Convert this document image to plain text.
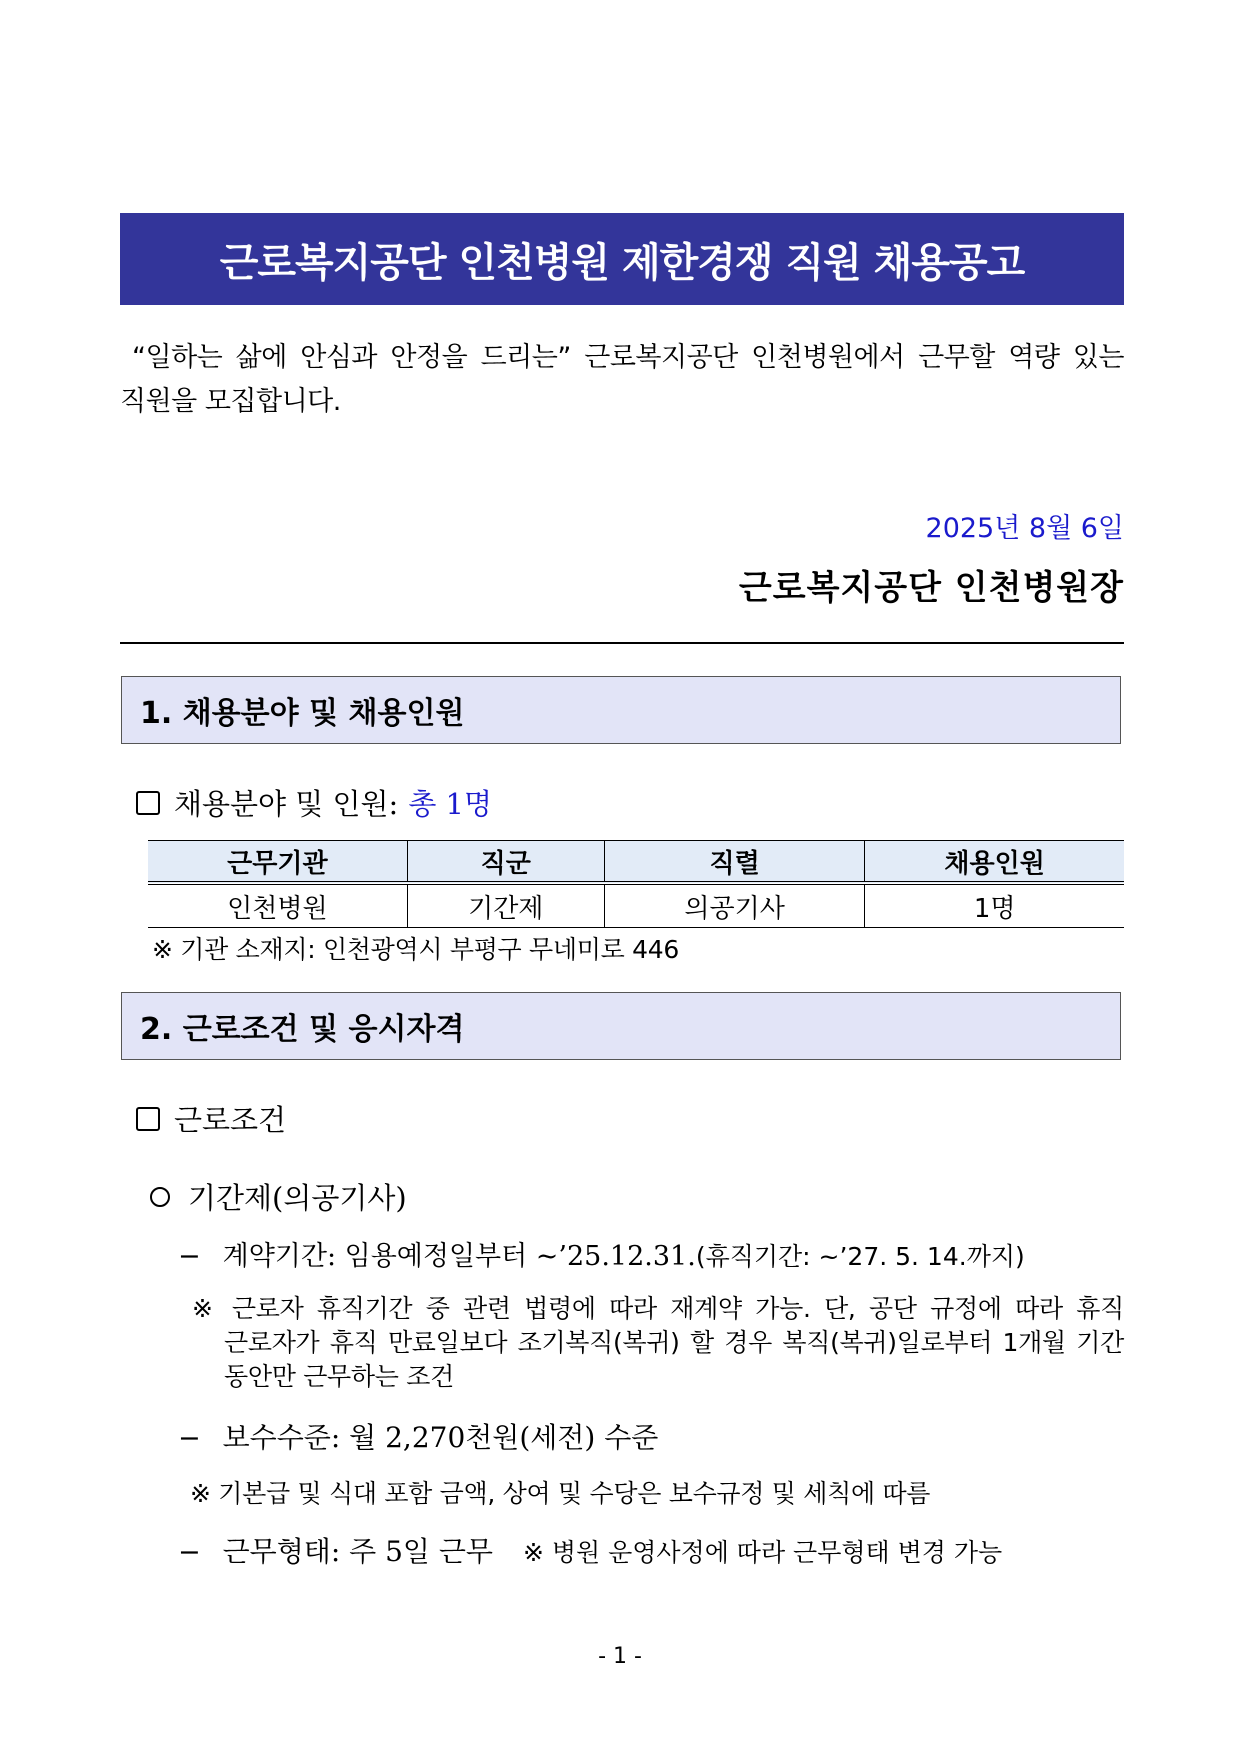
근로복지공단 인천병원 제한경쟁 직원 채용공고
“일하는 삶에 안심과 안정을 드리는” 근로복지공단 인천병원에서 근무할 역량 있는
직원을 모집합니다.
2025년 8월 6일
근로복지공단 인천병원장
1. 채용분야 및 채용인원
채용분야 및 인원: 총 1명
근무기관	직군	직렬	채용인원
인천병원	기간제	의공기사	1명
※ 기관 소재지: 인천광역시 부평구 무네미로 446
2. 근로조건 및 응시자격
근로조건
기간제(의공기사)
− 계약기간: 임용예정일부터 ~’25.12.31. (휴직기간: ~’27. 5. 14.까지)
※ 근로자 휴직기간 중 관련 법령에 따라 재계약 가능. 단, 공단 규정에 따라 휴직
근로자가 휴직 만료일보다 조기복직(복귀) 할 경우 복직(복귀)일로부터 1개월 기간
동안만 근무하는 조건
− 보수수준: 월 2,270천원(세전) 수준
※ 기본급 및 식대 포함 금액, 상여 및 수당은 보수규정 및 세칙에 따름
− 근무형태: 주 5일 근무 ※ 병원 운영사정에 따라 근무형태 변경 가능
- 1 -
